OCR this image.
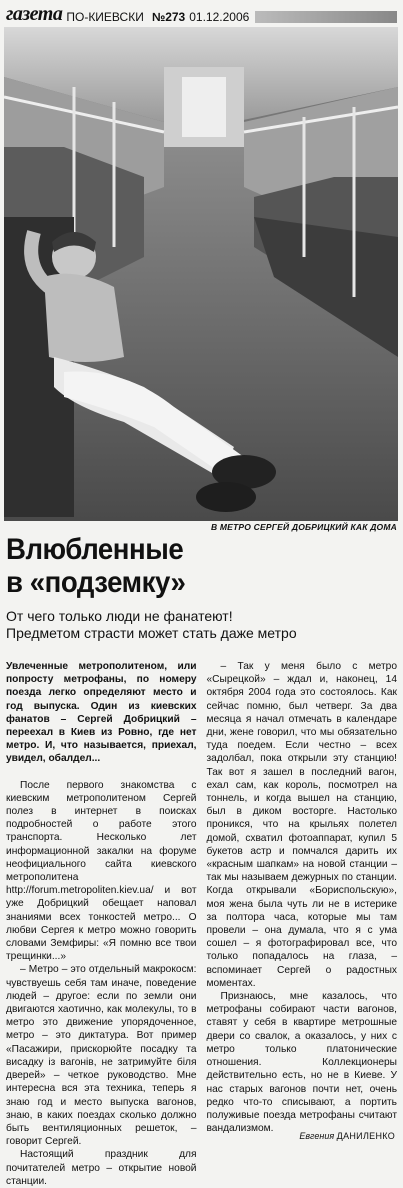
газета ПО-КИЕВСКИ №273 01.12.2006
В МЕТРО СЕРГЕЙ ДОБРИЦКИЙ КАК ДОМА
Влюбленные
в «подземку»
От чего только люди не фанатеют!
Предметом страсти может стать даже метро

Увлеченные метрополитеном, или попросту метрофаны, по номеру поезда легко определяют место и год выпуска. Один из киевских фанатов – Сергей Добрицкий – переехал в Киев из Ровно, где нет метро. И, что называется, приехал, увидел, обалдел...

После первого знакомства с киевским метрополитеном Сергей полез в интернет в поисках подробностей о работе этого транспорта. Несколько лет информационной закалки на форуме неофициального сайта киевского метрополитена http://forum.metropoliten.kiev.ua/ и вот уже Добрицкий обещает наповал знаниями всех тонкостей метро... О любви Сергея к метро можно говорить словами Земфиры: «Я помню все твои трещинки...»

– Метро – это отдельный макрокосм: чувствуешь себя там иначе, поведение людей – другое: если по земли они двигаются хаотично, как молекулы, то в метро это движение упорядоченное, метро – это диктатура. Вот пример «Пасажири, прискорюйте посадку та висадку із вагонів, не затримуйте біля дверей» – четкое руководство. Мне интересна вся эта техника, теперь я знаю год и место выпуска вагонов, знаю, в каких поездах сколько должно быть вентиляционных решеток, – говорит Сергей.

Настоящий праздник для почитателей метро – открытие новой станции.

– Так у меня было с метро «Сырецкой» – ждал и, наконец, 14 октября 2004 года это состоялось. Как сейчас помню, был четверг. За два месяца я начал отмечать в календаре дни, жене говорил, что мы обязательно туда поедем. Если честно – всех задолбал, пока открыли эту станцию! Так вот я зашел в последний вагон, ехал сам, как король, посмотрел на тоннель, и когда вышел на станцию, был в диком восторге. Настолько проникся, что на крыльях полетел домой, схватил фотоаппарат, купил 5 букетов астр и помчался дарить их «красным шапкам» на новой станции – так мы называем дежурных по станции. Когда открывали «Бориспольскую», моя жена была чуть ли не в истерике за полтора часа, которые мы там провели – она думала, что я с ума сошел – я фотографировал все, что только попадалось на глаза, – вспоминает Сергей о радостных моментах.

Признаюсь, мне казалось, что метрофаны собирают части вагонов, ставят у себя в квартире метрошные двери со свалок, а оказалось, у них с метро только платонические отношения. Коллекционеры действительно есть, но не в Киеве. У нас старых вагонов почти нет, очень редко что-то списывают, а портить полуживые поезда метрофаны считают вандализмом.

Евгения ДАНИЛЕНКО
